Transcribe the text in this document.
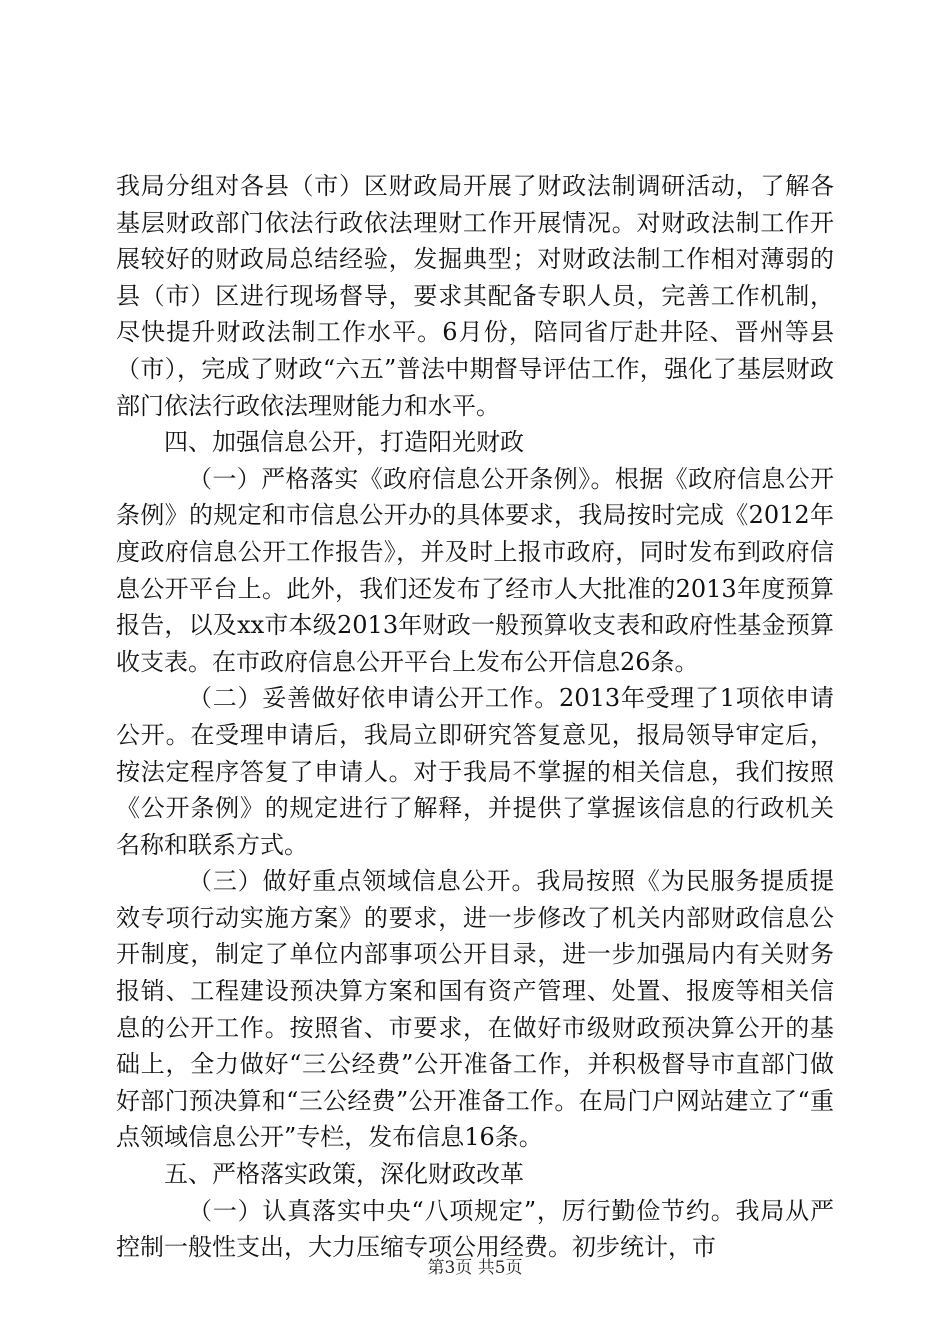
我局分组对各县（市）区财政局开展了财政法制调研活动，了解各基层财政部门依法行政依法理财工作开展情况。对财政法制工作开展较好的财政局总结经验，发掘典型；对财政法制工作相对薄弱的县（市）区进行现场督导，要求其配备专职人员，完善工作机制，尽快提升财政法制工作水平。6月份，陪同省厅赴井陉、晋州等县（市），完成了财政“六五”普法中期督导评估工作，强化了基层财政部门依法行政依法理财能力和水平。

四、加强信息公开，打造阳光财政

（一）严格落实《政府信息公开条例》。根据《政府信息公开条例》的规定和市信息公开办的具体要求，我局按时完成《2012年度政府信息公开工作报告》，并及时上报市政府，同时发布到政府信息公开平台上。此外，我们还发布了经市人大批准的2013年度预算报告，以及xx市本级2013年财政一般预算收支表和政府性基金预算收支表。在市政府信息公开平台上发布公开信息26条。

（二）妥善做好依申请公开工作。2013年受理了1项依申请公开。在受理申请后，我局立即研究答复意见，报局领导审定后，按法定程序答复了申请人。对于我局不掌握的相关信息，我们按照《公开条例》的规定进行了解释，并提供了掌握该信息的行政机关名称和联系方式。

（三）做好重点领域信息公开。我局按照《为民服务提质提效专项行动实施方案》的要求，进一步修改了机关内部财政信息公开制度，制定了单位内部事项公开目录，进一步加强局内有关财务报销、工程建设预决算方案和国有资产管理、处置、报废等相关信息的公开工作。按照省、市要求，在做好市级财政预决算公开的基础上，全力做好“三公经费”公开准备工作，并积极督导市直部门做好部门预决算和“三公经费”公开准备工作。在局门户网站建立了“重点领域信息公开”专栏，发布信息16条。

五、严格落实政策，深化财政改革

（一）认真落实中央“八项规定”，厉行勤俭节约。我局从严控制一般性支出，大力压缩专项公用经费。初步统计，市

第3页 共5页
